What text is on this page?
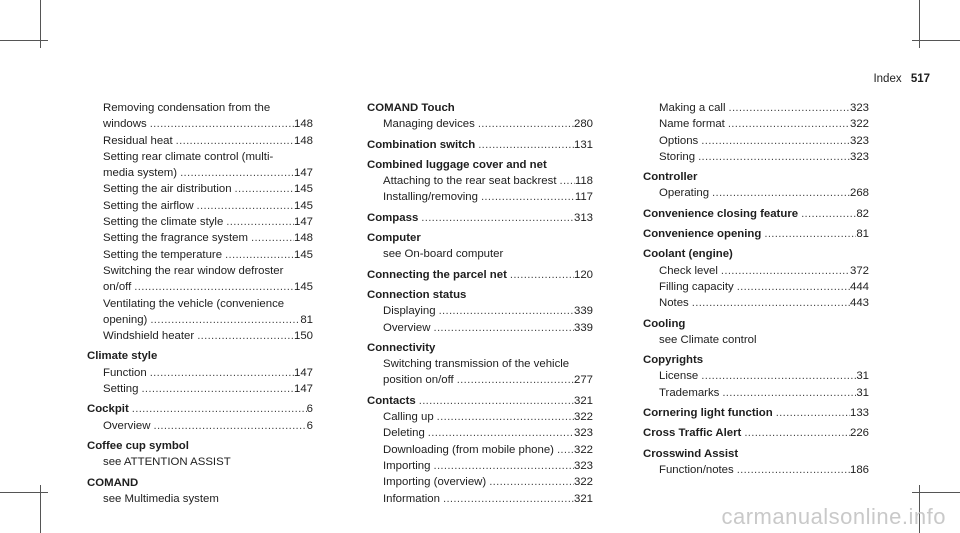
Index 517
Removing condensation from the
windows .....	148
Residual heat .....	148
Setting rear climate control (multi-
media system) .....	147
Setting the air distribution .....	145
Setting the airflow .....	145
Setting the climate style .....	147
Setting the fragrance system .....	148
Setting the temperature .....	145
Switching the rear window defroster
on/off .....	145
Ventilating the vehicle (convenience
opening) .....	81
Windshield heater .....	150
Climate style
Function .....	147
Setting .....	147
Cockpit .....	6
Overview .....	6
Coffee cup symbol
see ATTENTION ASSIST
COMAND
see Multimedia system
COMAND Touch
Managing devices .....	280
Combination switch .....	131
Combined luggage cover and net
Attaching to the rear seat backrest ..... 118
Installing/removing .....	117
Compass .....	313
Computer
see On-board computer
Connecting the parcel net .....	120
Connection status
Displaying .....	339
Overview .....	339
Connectivity
Switching transmission of the vehicle
position on/off .....	277
Contacts .....	321
Calling up .....	322
Deleting .....	323
Downloading (from mobile phone) ..... 322
Importing .....	323
Importing (overview) .....	322
Information .....	321
Making a call .....	323
Name format .....	322
Options .....	323
Storing .....	323
Controller
Operating .....	268
Convenience closing feature .....	82
Convenience opening .....	81
Coolant (engine)
Check level .....	372
Filling capacity .....	444
Notes .....	443
Cooling
see Climate control
Copyrights
License .....	31
Trademarks .....	31
Cornering light function .....	133
Cross Traffic Alert .....	226
Crosswind Assist
Function/notes .....	186
carmanualsonline.info
